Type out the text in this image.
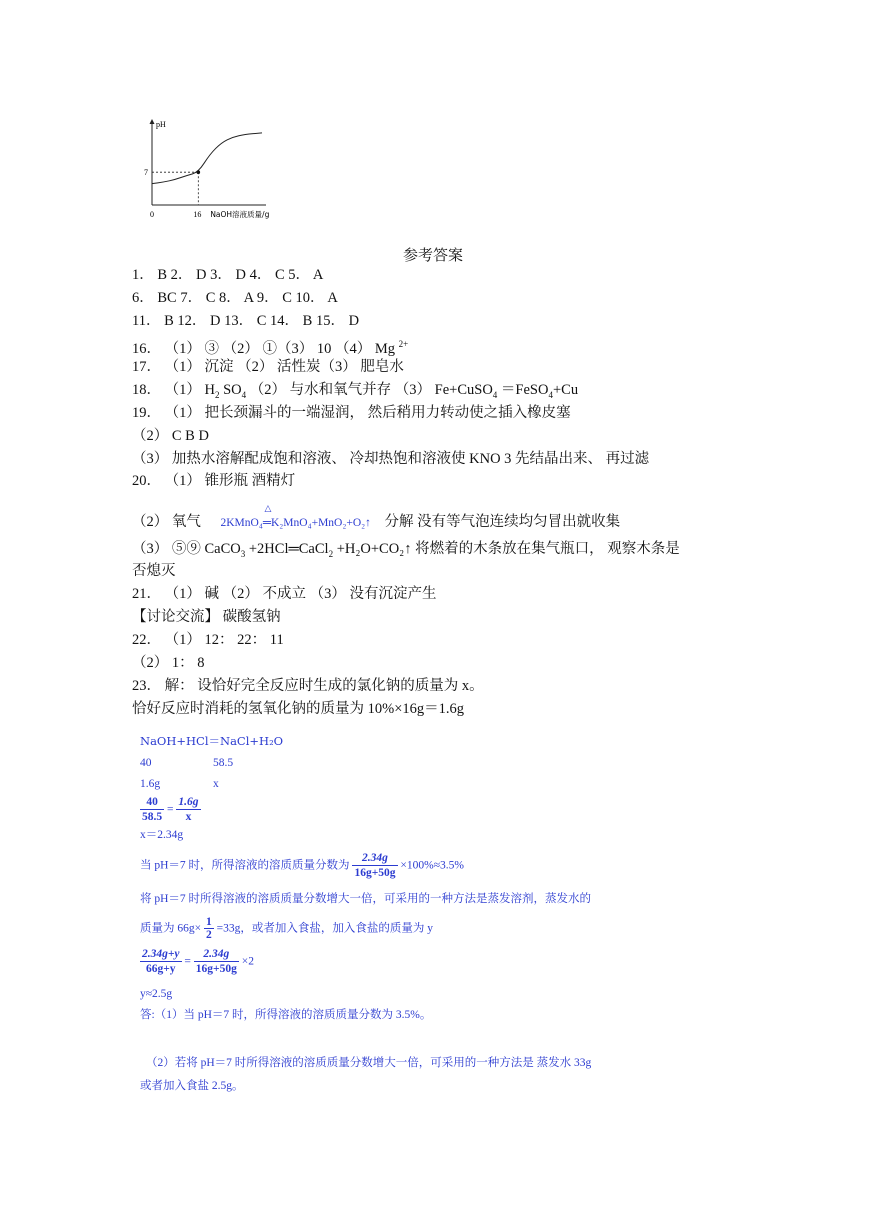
pH
7
0	16 NaOH溶液质量/g
参考答案
1． B 2． D 3． D 4． C 5． A
6． BC 7． C 8． A 9． C 10． A
11． B 12． D 13． C 14． B 15． D
16． （1） ③ （2） ①（3） 10 （4） Mg $^{2+}$
17． （1） 沉淀 （2） 活性炭（3） 肥皂水
18． （1） $H_2$ $SO_4$ （2） 与水和氧气并存 （3） Fe+CuSO$_4$ ＝FeSO$_4$+Cu
19． （1） 把长颈漏斗的一端湿润， 然后稍用力转动使之插入橡皮塞
（2） C B D
（3） 加热水溶解配成饱和溶液、 冷却热饱和溶液使 KNO 3 先结晶出来、 再过滤
20． （1） 锥形瓶 酒精灯
（2） 氧气
△
2KMnO₄═K₂MnO₄+MnO₂+O₂↑ 分解 没有等气泡连续均匀冒出就收集
（3） ⑤⑨ CaCO$_3$ +2HCl═CaCl$_2$ +H₂O+CO₂↑ 将燃着的木条放在集气瓶口， 观察木条是
否熄灭
21． （1） 碱 （2） 不成立 （3） 没有沉淀产生
【讨论交流】 碳酸氢钠
22． （1） 12： 22： 11
（2） 1： 8
23． 解： 设恰好完全反应时生成的氯化钠的质量为 x。
恰好反应时消耗的氢氧化钠的质量为 10%×16g＝1.6g
NaOH+HCl＝NaCl+H₂O
40	58.5
1.6g	x
$\frac{40}{58.5} = \frac{1.6g}{x}$
x＝2.34g
当 pH＝7 时，所得溶液的溶质质量分数为 $\frac{2.34g}{16g+50g} \times 100\%\approx 3.5\%$
将 pH＝7 时所得溶液的溶质质量分数增大一倍，可采用的一种方法是蒸发溶剂，蒸发水的
质量为 $66g\times \frac{1}{2} =33g$，或者加入食盐，加入食盐的质量为 y
$\frac{2.34g+y}{66g+y} = \frac{2.34g}{16g+50g} \times 2$
y≈2.5g
答:（1）当 pH＝7 时，所得溶液的溶质质量分数为 3.5%。
（2）若将 pH＝7 时所得溶液的溶质质量分数增大一倍，可采用的一种方法是 蒸发水 33g
或者加入食盐 2.5g。
